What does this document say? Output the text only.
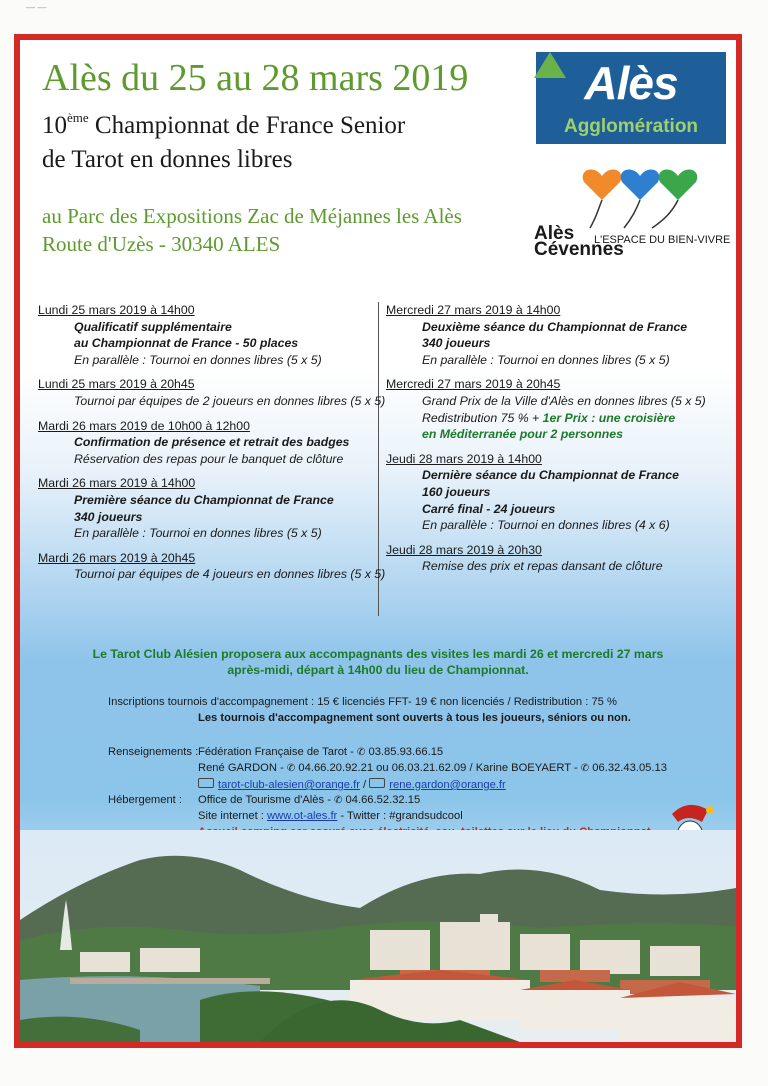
— —
Alès du 25 au 28 mars 2019
10ème Championnat de France Senior
de Tarot en donnes libres
au Parc des Expositions Zac de Méjannes les Alès
Route d'Uzès - 30340 ALES
Alès
Agglomération
Alès
Cévennes
L'ESPACE DU BIEN-VIVRE
Lundi 25 mars 2019 à 14h00
Qualificatif supplémentaire
au Championnat de France - 50 places
En parallèle : Tournoi en donnes libres (5 x 5)
Lundi 25 mars 2019 à 20h45
Tournoi par équipes de 2 joueurs en donnes libres (5 x 5)
Mardi 26 mars 2019 de 10h00 à 12h00
Confirmation de présence et retrait des badges
Réservation des repas pour le banquet de clôture
Mardi 26 mars 2019 à 14h00
Première séance du Championnat de France
340 joueurs
En parallèle : Tournoi en donnes libres (5 x 5)
Mardi 26 mars 2019 à 20h45
Tournoi par équipes de 4 joueurs en donnes libres (5 x 5)
Mercredi 27 mars 2019 à 14h00
Deuxième séance du Championnat de France
340 joueurs
En parallèle : Tournoi en donnes libres (5 x 5)
Mercredi 27 mars 2019 à 20h45
Grand Prix de la Ville d'Alès en donnes libres (5 x 5)
Redistribution 75 % + 1er Prix : une croisière
en Méditerranée pour 2 personnes
Jeudi 28 mars 2019 à 14h00
Dernière séance du Championnat de France
160 joueurs
Carré final - 24 joueurs
En parallèle : Tournoi en donnes libres (4 x 6)
Jeudi 28 mars 2019 à 20h30
Remise des prix et repas dansant de clôture
Le Tarot Club Alésien proposera aux accompagnants des visites les mardi 26 et mercredi 27 mars
après-midi, départ à 14h00 du lieu de Championnat.
Inscriptions tournois d'accompagnement : 15 € licenciés FFT- 19 € non licenciés / Redistribution : 75 %
Les tournois d'accompagnement sont ouverts à tous les joueurs, séniors ou non.
Renseignements :Fédération Française de Tarot - ✆ 03.85.93.66.15
René GARDON - ✆ 04.66.20.92.21 ou 06.03.21.62.09 / Karine BOEYAERT - ✆ 06.32.43.05.13
tarot-club-alesien@orange.fr / rene.gardon@orange.fr
Hébergement : Office de Tourisme d'Alès - ✆ 04.66.52.32.15
Site internet : www.ot-ales.fr - Twitter : #grandsudcool
